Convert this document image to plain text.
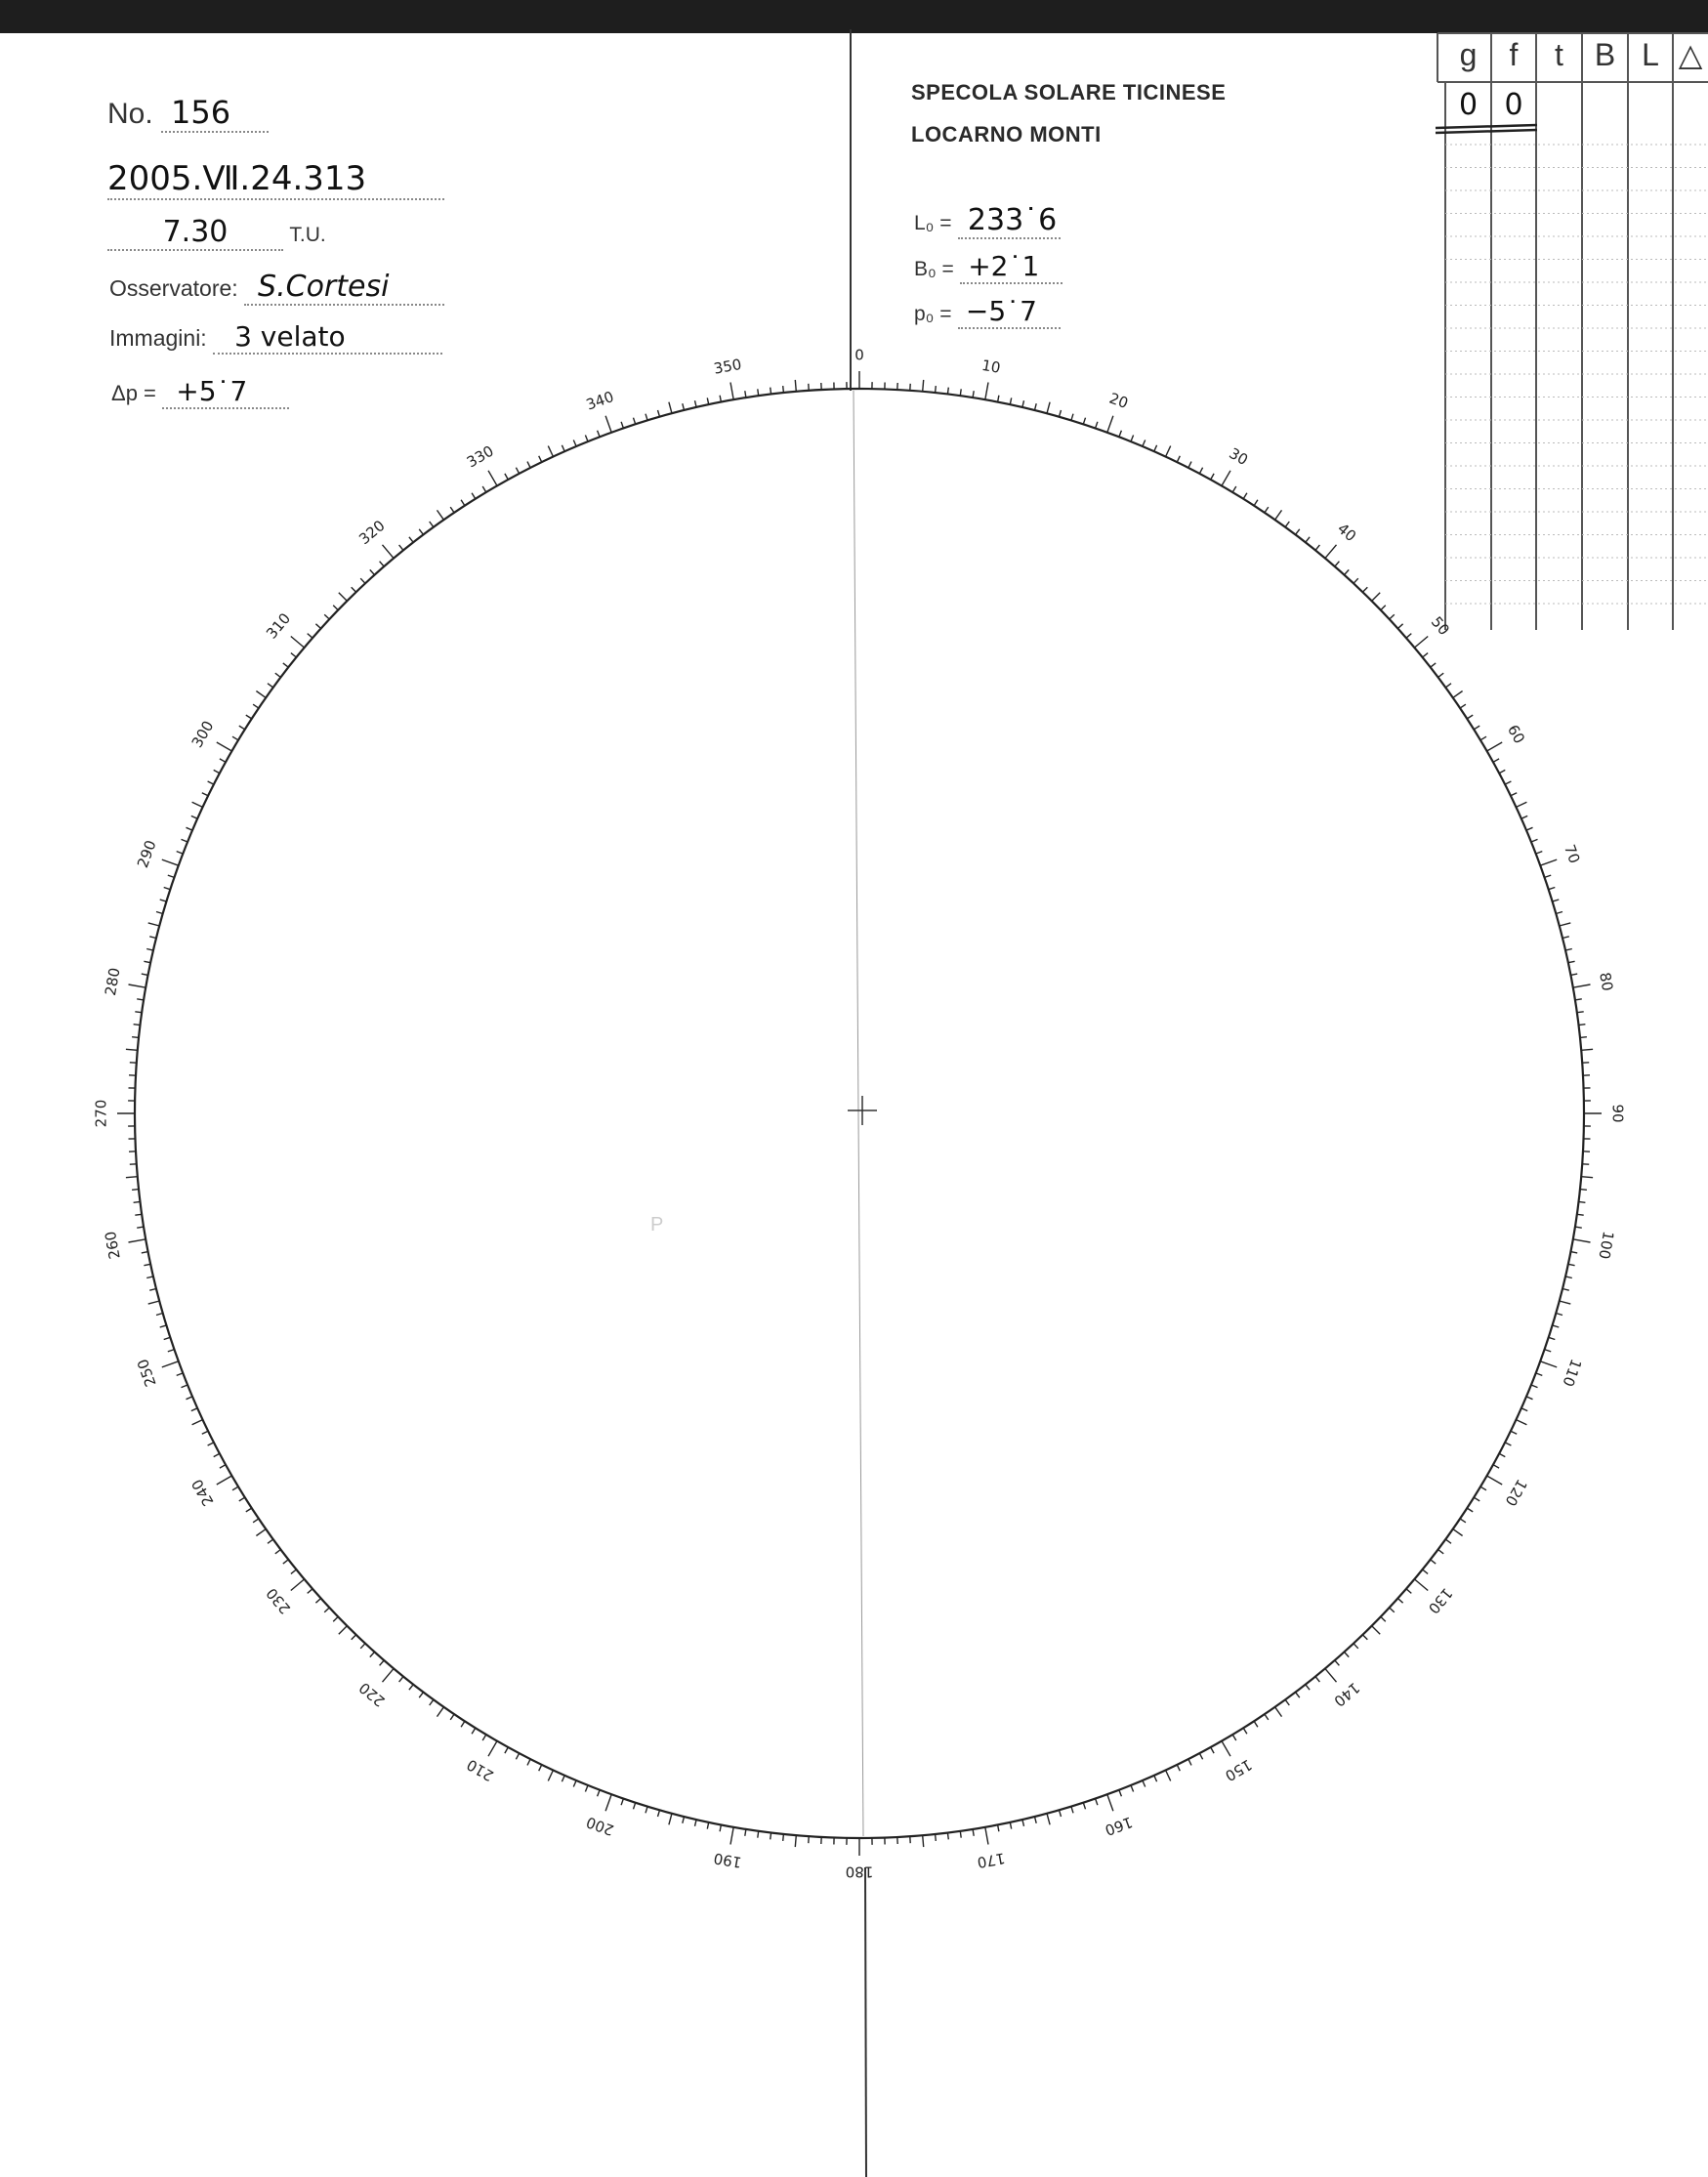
No. 156
2005.Ⅶ.24.313
7.30	T.U.
Osservatore: S.Cortesi
Immagini: 3 velato
Δp = +5˙7
SPECOLA SOLARE TICINESE
LOCARNO MONTI
L₀ = 233˙6
B₀ = +2˙1
p₀ = −5˙7
g	f	t B L △
0 0
0
10
20
30
40
50
60
70
80
90
100
110
120
130
140
150
160
170
180
190
200
210
220
230
240
250
260
270
280
290
300
310
320
330
340
350
P
